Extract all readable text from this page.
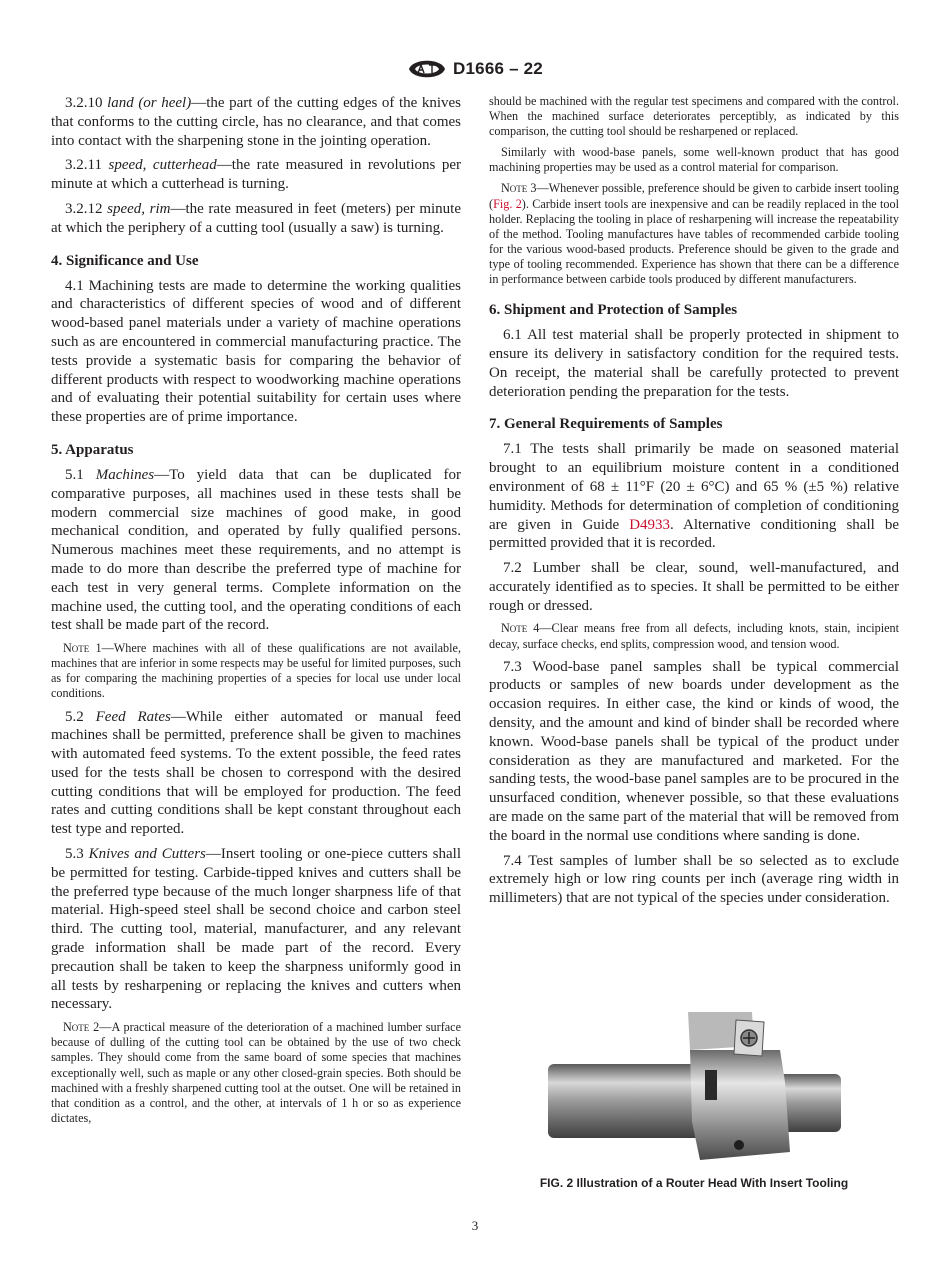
D1666 – 22

3.2.10 land (or heel)—the part of the cutting edges of the knives that conforms to the cutting circle, has no clearance, and that comes into contact with the sharpening stone in the jointing operation.

3.2.11 speed, cutterhead—the rate measured in revolutions per minute at which a cutterhead is turning.

3.2.12 speed, rim—the rate measured in feet (meters) per minute at which the periphery of a cutting tool (usually a saw) is turning.

4. Significance and Use

4.1 Machining tests are made to determine the working qualities and characteristics of different species of wood and of different wood-based panel materials under a variety of machine operations such as are encountered in commercial manufacturing practice. The tests provide a systematic basis for comparing the behavior of different products with respect to woodworking machine operations and of evaluating their potential suitability for certain uses where these properties are of prime importance.

5. Apparatus

5.1 Machines—To yield data that can be duplicated for comparative purposes, all machines used in these tests shall be modern commercial size machines of good make, in good mechanical condition, and operated by fully qualified persons. Numerous machines meet these requirements, and no attempt is made to do more than describe the preferred type of machine for each test in very general terms. Complete information on the machine used, the cutting tool, and the operating conditions of each test shall be made part of the record.

Note 1—Where machines with all of these qualifications are not available, machines that are inferior in some respects may be useful for limited purposes, such as for comparing the machining properties of a species for local use under local conditions.

5.2 Feed Rates—While either automated or manual feed machines shall be permitted, preference shall be given to machines with automated feed systems. To the extent possible, the feed rates used for the tests shall be chosen to correspond with the desired cutting conditions that will be employed for production. The feed rates and cutting conditions shall be kept constant throughout each test type and reported.

5.3 Knives and Cutters—Insert tooling or one-piece cutters shall be permitted for testing. Carbide-tipped knives and cutters shall be the preferred type because of the much longer sharpness life of that material. High-speed steel shall be second choice and carbon steel third. The cutting tool, material, manufacturer, and any relevant grade information shall be made part of the record. Every precaution shall be taken to keep the sharpness uniformly good in all tests by resharpening or replacing the knives and cutters when necessary.

Note 2—A practical measure of the deterioration of a machined lumber surface because of dulling of the cutting tool can be obtained by the use of two check samples. They should come from the same board of some species that machines exceptionally well, such as maple or any other closed-grain species. Both should be machined with a freshly sharpened cutting tool at the outset. One will be retained in that condition as a control, and the other, at intervals of 1 h or so as experience dictates,

should be machined with the regular test specimens and compared with the control. When the machined surface deteriorates perceptibly, as indicated by this comparison, the cutting tool should be resharpened or replaced.

Similarly with wood-base panels, some well-known product that has good machining properties may be used as a control material for comparison.

Note 3—Whenever possible, preference should be given to carbide insert tooling (Fig. 2). Carbide insert tools are inexpensive and can be readily replaced in the tool holder. Replacing the tooling in place of resharpening will increase the repeatability of the method. Tooling manufactures have tables of recommended carbide tooling for the various wood-based products. Preference should be given to the grade and type of tooling recommended. Experience has shown that there can be a difference in performance between carbide tools produced by different manufacturers.

6. Shipment and Protection of Samples

6.1 All test material shall be properly protected in shipment to ensure its delivery in satisfactory condition for the required tests. On receipt, the material shall be carefully protected to prevent deterioration pending the preparation for the tests.

7. General Requirements of Samples

7.1 The tests shall primarily be made on seasoned material brought to an equilibrium moisture content in a conditioned environment of 68 ± 11°F (20 ± 6°C) and 65 % (±5 %) relative humidity. Methods for determination of completion of conditioning are given in Guide D4933. Alternative conditioning shall be permitted provided that it is recorded.

7.2 Lumber shall be clear, sound, well-manufactured, and accurately identified as to species. It shall be permitted to be either rough or dressed.

Note 4—Clear means free from all defects, including knots, stain, incipient decay, surface checks, end splits, compression wood, and tension wood.

7.3 Wood-base panel samples shall be typical commercial products or samples of new boards under development as the occasion requires. In either case, the kind or kinds of wood, the density, and the amount and kind of binder shall be recorded where known. Wood-base panels shall be typical of the product under consideration as they are manufactured and marketed. For the sanding tests, the wood-base panel samples are to be procured in the unsurfaced condition, whenever possible, so that these evaluations are made on the same part of the material that will be removed from the board in the normal use conditions where sanding is done.

7.4 Test samples of lumber shall be so selected as to exclude extremely high or low ring counts per inch (average ring width in millimeters) that are not typical of the species under consideration.

FIG. 2 Illustration of a Router Head With Insert Tooling
3
